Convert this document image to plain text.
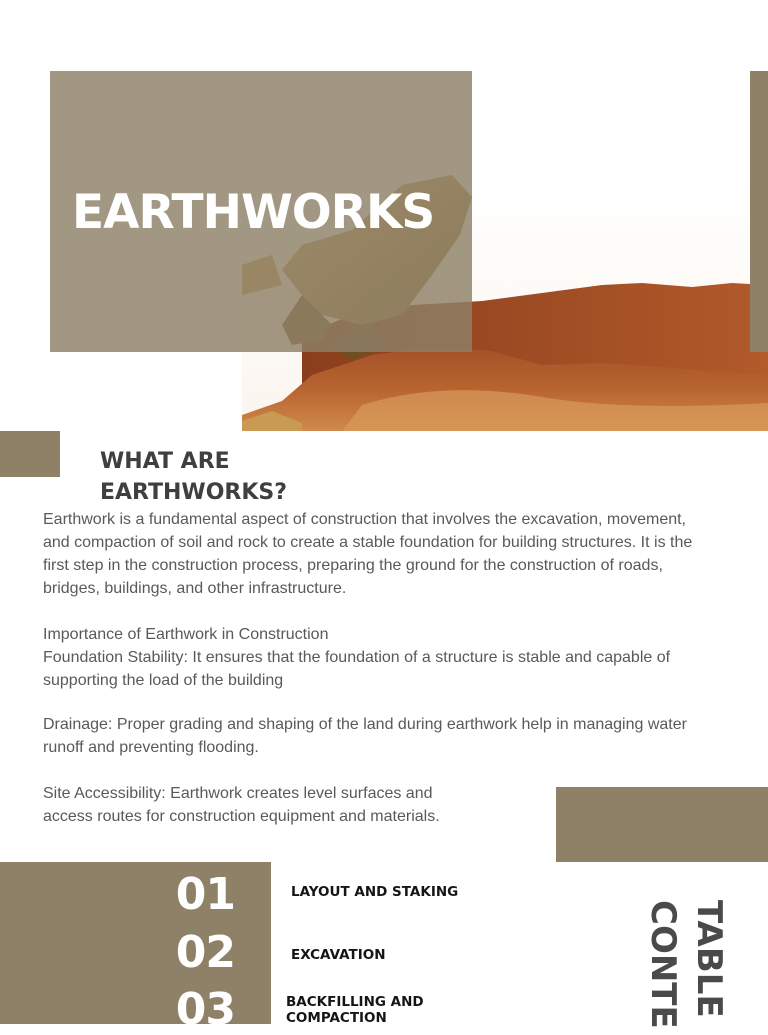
EARTHWORKS
WHAT ARE
EARTHWORKS?

Earthwork is a fundamental aspect of construction that involves the excavation, movement, and compaction of soil and rock to create a stable foundation for building structures. It is the first step in the construction process, preparing the ground for the construction of roads, bridges, buildings, and other infrastructure.

Importance of Earthwork in Construction

Foundation Stability: It ensures that the foundation of a structure is stable and capable of supporting the load of the building

Drainage: Proper grading and shaping of the land during earthwork help in managing water runoff and preventing flooding.

Site Accessibility: Earthwork creates level surfaces and access routes for construction equipment and materials.

01
02
03
LAYOUT AND STAKING
EXCAVATION
BACKFILLING AND COMPACTION
TABLE
CONTE
